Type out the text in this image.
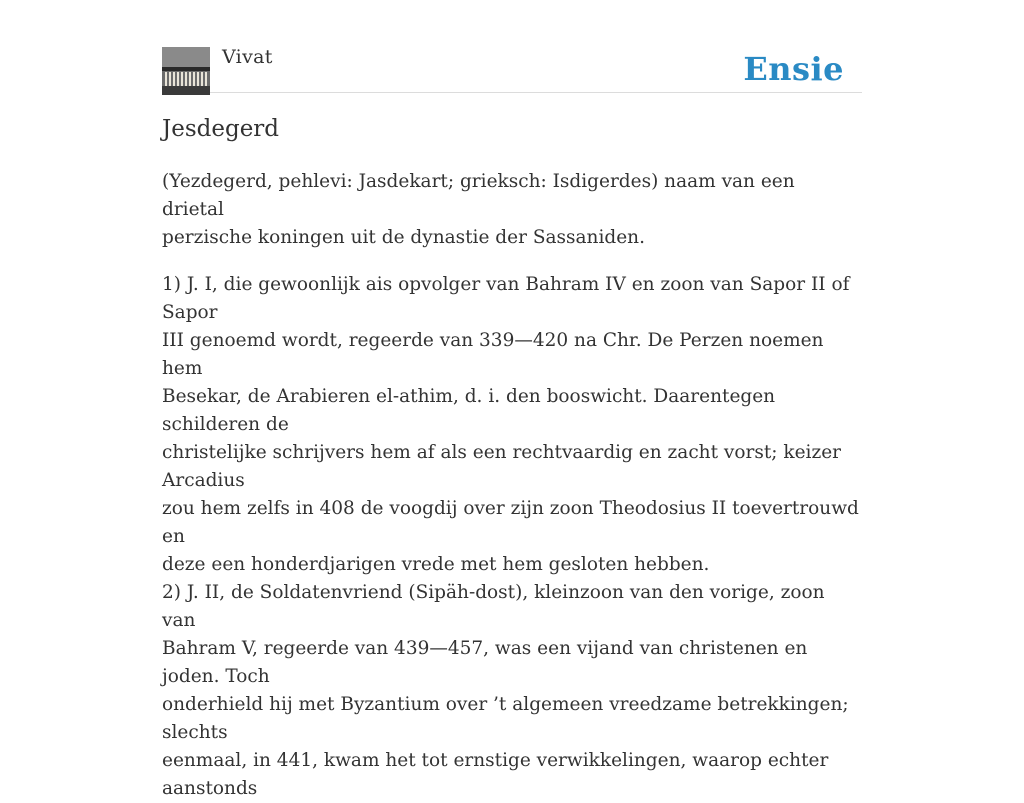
Vivat	Ensie
Jesdegerd

(Yezdegerd, pehlevi: Jasdekart; grieksch: Isdigerdes) naam van een drietal
perzische koningen uit de dynastie der Sassaniden.

1) J. I, die gewoonlijk ais opvolger van Bahram IV en zoon van Sapor II of Sapor
III genoemd wordt, regeerde van 339—420 na Chr. De Perzen noemen hem
Besekar, de Arabieren el-athim, d. i. den booswicht. Daarentegen schilderen de
christelijke schrijvers hem af als een rechtvaardig en zacht vorst; keizer Arcadius
zou hem zelfs in 408 de voogdij over zijn zoon Theodosius II toevertrouwd en
deze een honderdjarigen vrede met hem gesloten hebben.
2) J. II, de Soldatenvriend (Sipäh-dost), kleinzoon van den vorige, zoon van
Bahram V, regeerde van 439—457, was een vijand van christenen en joden. Toch
onderhield hij met Byzantium over ’t algemeen vreedzame betrekkingen; slechts
eenmaal, in 441, kwam het tot ernstige verwikkelingen, waarop echter aanstonds
